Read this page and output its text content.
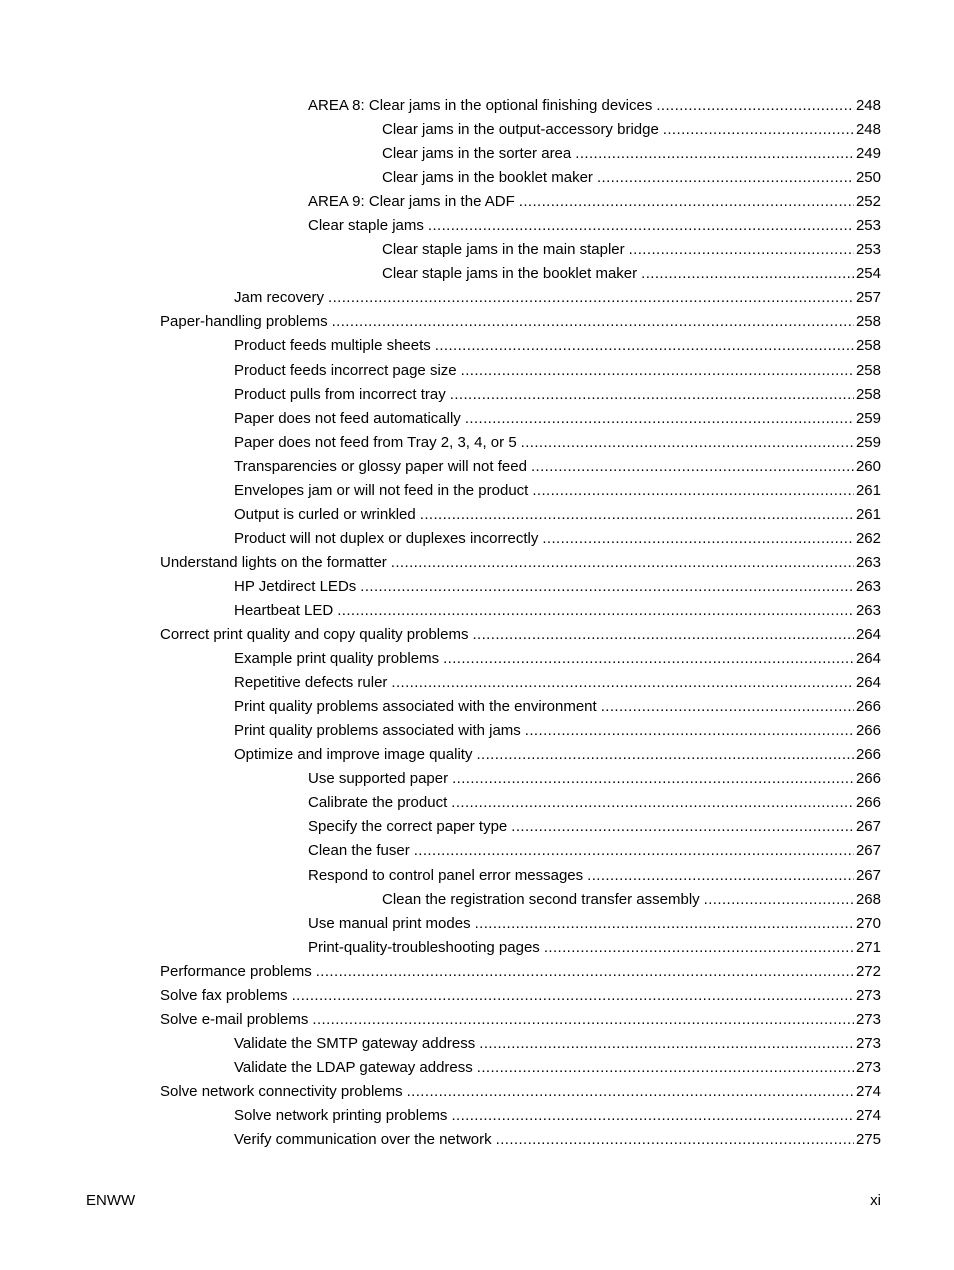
AREA 8: Clear jams in the optional finishing devices .....	248
Clear jams in the output-accessory bridge .....	248
Clear jams in the sorter area .....	249
Clear jams in the booklet maker .....	250
AREA 9: Clear jams in the ADF .....	252
Clear staple jams .....	253
Clear staple jams in the main stapler .....	253
Clear staple jams in the booklet maker .....	254
Jam recovery .....	257
Paper-handling problems .....	258
Product feeds multiple sheets .....	258
Product feeds incorrect page size .....	258
Product pulls from incorrect tray .....	258
Paper does not feed automatically .....	259
Paper does not feed from Tray 2, 3, 4, or 5 .....	259
Transparencies or glossy paper will not feed .....	260
Envelopes jam or will not feed in the product .....	261
Output is curled or wrinkled .....	261
Product will not duplex or duplexes incorrectly .....	262
Understand lights on the formatter .....	263
HP Jetdirect LEDs .....	263
Heartbeat LED .....	263
Correct print quality and copy quality problems .....	264
Example print quality problems .....	264
Repetitive defects ruler .....	264
Print quality problems associated with the environment .....	266
Print quality problems associated with jams .....	266
Optimize and improve image quality .....	266
Use supported paper .....	266
Calibrate the product .....	266
Specify the correct paper type .....	267
Clean the fuser .....	267
Respond to control panel error messages .....	267
Clean the registration second transfer assembly .....	268
Use manual print modes .....	270
Print-quality-troubleshooting pages .....	271
Performance problems .....	272
Solve fax problems .....	273
Solve e-mail problems .....	273
Validate the SMTP gateway address .....	273
Validate the LDAP gateway address .....	273
Solve network connectivity problems .....	274
Solve network printing problems .....	274
Verify communication over the network .....	275
ENWW	xi
